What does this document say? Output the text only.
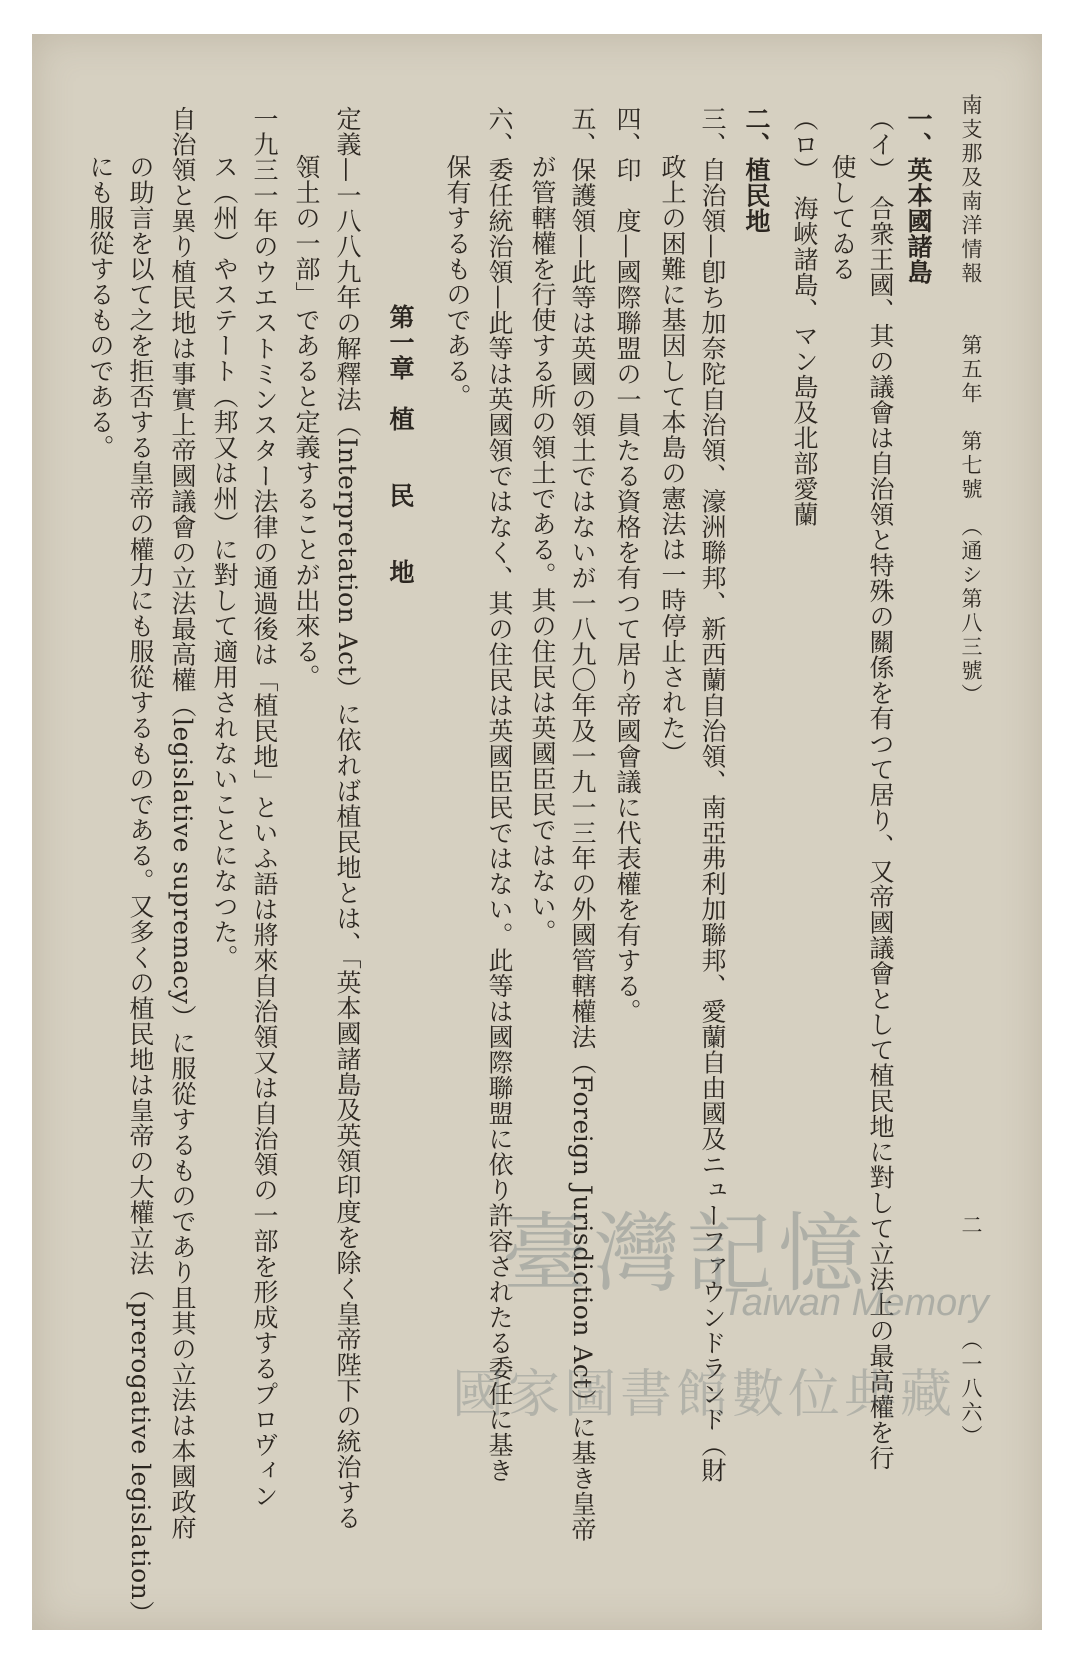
南支那及南洋情報
第五年　第七號　（通シ第八三號）
（一八六）
二
一、英本國諸島
（イ）　合衆王國、其の議會は自治領と特殊の關係を有つて居り、又帝國議會として植民地に對して立法上の最高權を行
使してゐる
（ロ）　海峽諸島、マン島及北部愛蘭
二、植民地
三、自治領—卽ち加奈陀自治領、濠洲聯邦、新西蘭自治領、南亞弗利加聯邦、愛蘭自由國及ニューファウンドランド（財
政上の困難に基因して本島の憲法は一時停止された）
四、印　度—國際聯盟の一員たる資格を有つて居り帝國會議に代表權を有する。
五、保護領—此等は英國の領土ではないが一八九〇年及一九一三年の外國管轄權法（Foreign Jurisdiction Act）に基き皇帝
が管轄權を行使する所の領土である。其の住民は英國臣民ではない。
六、委任統治領—此等は英國領ではなく、其の住民は英國臣民ではない。此等は國際聯盟に依り許容されたる委任に基き
保有するものである。
第一章　植　　民　　地
定義—一八八九年の解釋法（Interpretation Act）に依れば植民地とは、「英本國諸島及英領印度を除く皇帝陛下の統治する
領土の一部」であると定義することが出來る。
一九三一年のウエストミンスター法律の通過後は「植民地」といふ語は將來自治領又は自治領の一部を形成するプロヴィン
ス（州）やステート（邦又は州）に對して適用されないことになつた。
自治領と異り植民地は事實上帝國議會の立法最高權（legislative supremacy）に服從するものであり且其の立法は本國政府
の助言を以て之を拒否する皇帝の權力にも服從するものである。又多くの植民地は皇帝の大權立法（prerogative legislation）
にも服從するものである。
臺灣記憶
Taiwan Memory
國家圖書館數位典藏
